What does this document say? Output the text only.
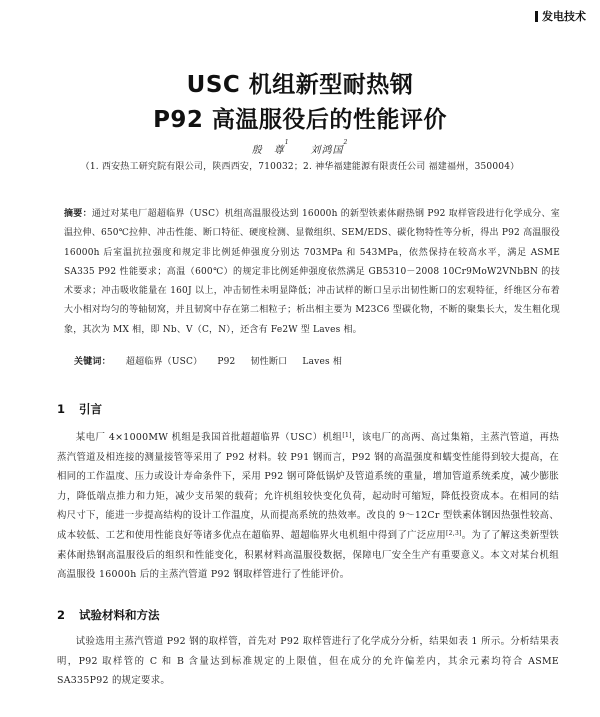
发电技术
USC 机组新型耐热钢
P92 高温服役后的性能评价
殷　尊$^1$     刘鸿国$^2$
（1. 西安热工研究院有限公司，陕西西安，710032；2. 神华福建能源有限责任公司 福建福州，350004）
摘要：通过对某电厂超超临界（USC）机组高温服役达到 16000h 的新型铁素体耐热钢 P92 取样管段进行化学成分、室温拉伸、650℃拉伸、冲击性能、断口特征、硬度检测、显微组织、SEM/EDS、碳化物特性等分析，得出 P92 高温服役 16000h 后室温抗拉强度和规定非比例延伸强度分别达 703MPa 和 543MPa，依然保持在较高水平，满足 ASME SA335 P92 性能要求；高温（600℃）的规定非比例延伸强度依然满足 GB5310－2008 10Cr9MoW2VNbBN 的技术要求；冲击吸收能量在 160J 以上，冲击韧性未明显降低；冲击试样的断口呈示出韧性断口的宏观特征，纤维区分布着大小相对均匀的等轴韧窝，并且韧窝中存在第二相粒子；析出相主要为 M23C6 型碳化物，不断的聚集长大，发生粗化现象，其次为 MX 相，即 Nb、V（C，N），还含有 Fe2W 型 Laves 相。
关键词： 超超临界（USC） P92 韧性断口 Laves 相
1 引言
某电厂 4×1000MW 机组是我国首批超超临界（USC）机组[1]，该电厂的高两、高过集箱，主蒸汽管道，再热蒸汽管道及相连接的测量接管等采用了 P92 材料。较 P91 钢而言，P92 钢的高温强度和蠕变性能得到较大提高，在相同的工作温度、压力或设计寿命条件下，采用 P92 钢可降低锅炉及管道系统的重量，增加管道系统柔度，减少膨胀力，降低端点推力和力矩，减少支吊架的载荷；允许机组较快变化负荷，起动时可缩短，降低投资成本。在相同的结构尺寸下，能进一步提高结构的设计工作温度，从而提高系统的热效率。改良的 9～12Cr 型铁素体钢因热强性较高、成本较低、工艺和使用性能良好等诸多优点在超临界、超超临界火电机组中得到了广泛应用[2,3]。为了了解这类新型铁素体耐热钢高温服役后的组织和性能变化，积累材料高温服役数据，保障电厂安全生产有重要意义。本文对某台机组高温服役 16000h 后的主蒸汽管道 P92 钢取样管进行了性能评价。
2 试验材料和方法
试验选用主蒸汽管道 P92 钢的取样管，首先对 P92 取样管进行了化学成分分析，结果如表 1 所示。分析结果表明，P92 取样管的 C 和 B 含量达到标准规定的上限值，但在成分的允许偏差内，其余元素均符合 ASME SA335P92 的规定要求。
